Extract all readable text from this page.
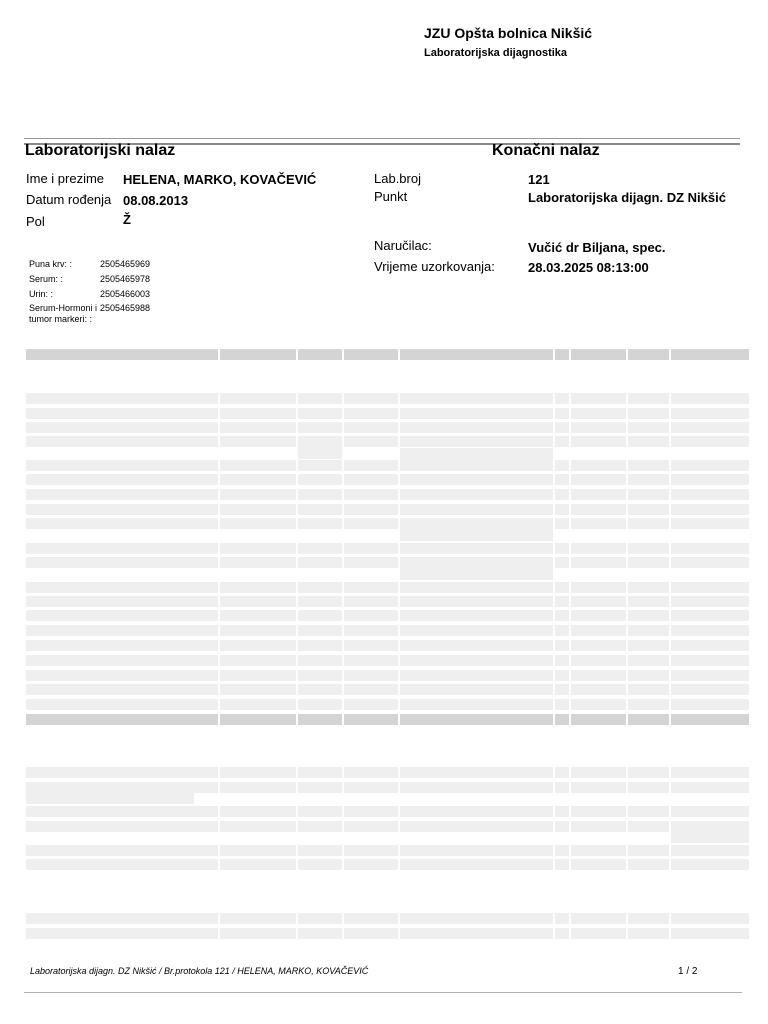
JZU Opšta bolnica Nikšić
Laboratorijska dijagnostika
Laboratorijski nalaz	Konačni nalaz
Ime i prezime HELENA, MARKO, KOVAČEVIĆ
Datum rođenja 08.08.2013
Pol	Ž
Lab.broj	121
Punkt	Laboratorijska dijagn. DZ Nikšić
Naručilac:	Vučić dr Biljana, spec.
Vrijeme uzorkovanja:	28.03.2025 08:13:00
Puna krv: :	2505465969
Serum: :	2505465978
Urin: :	2505466003
Serum-Hormoni i tumor markeri: :
2505465988
Laboratorijska dijagn. DZ Nikšić / Br.protokola 121 / HELENA, MARKO, KOVAČEVIĆ	1 / 2
